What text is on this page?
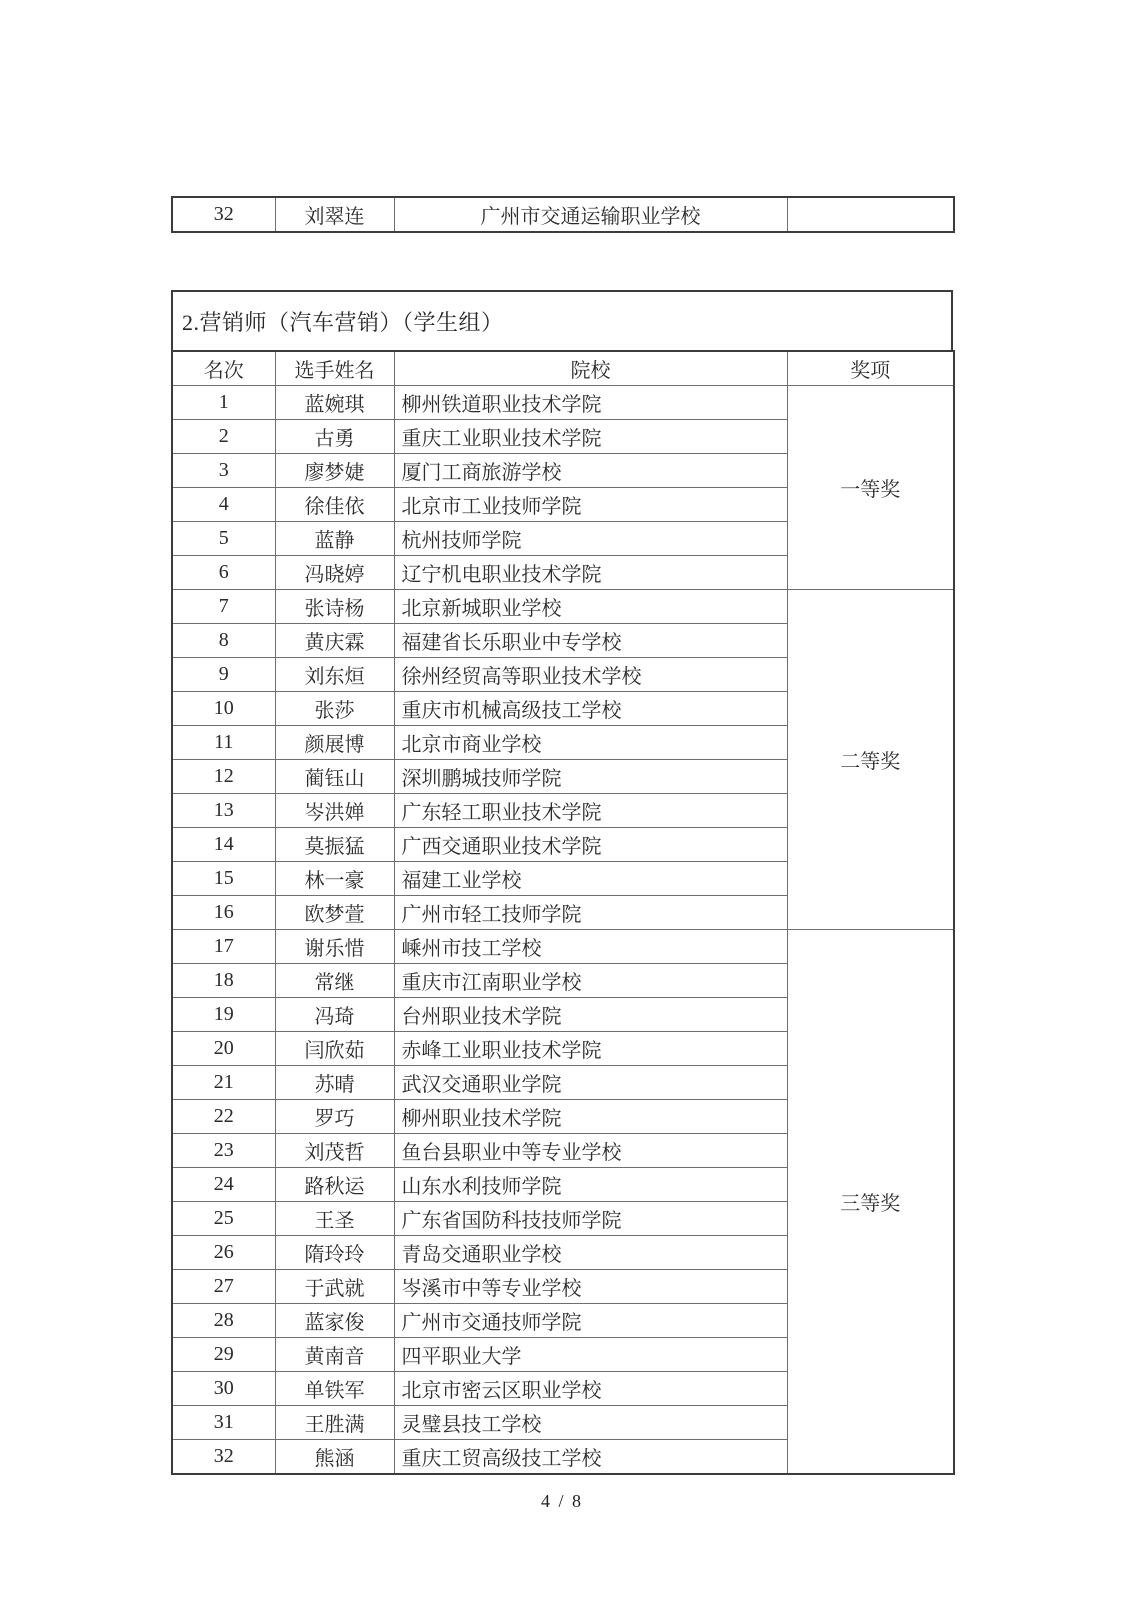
32	刘翠连	广州市交通运输职业学校	
2.营销师（汽车营销）（学生组）
名次	选手姓名	院校	奖项
1	蓝婉琪	柳州铁道职业技术学院	一等奖
2	古勇	重庆工业职业技术学院	
3	廖梦婕	厦门工商旅游学校	
4	徐佳依	北京市工业技师学院	
5	蓝静	杭州技师学院	
6	冯晓婷	辽宁机电职业技术学院	
7	张诗杨	北京新城职业学校	二等奖
8	黄庆霖	福建省长乐职业中专学校	
9	刘东烜	徐州经贸高等职业技术学校	
10	张莎	重庆市机械高级技工学校	
11	颜展博	北京市商业学校	
12	蔺钰山	深圳鹏城技师学院	
13	岑洪婵	广东轻工职业技术学院	
14	莫振猛	广西交通职业技术学院	
15	林一豪	福建工业学校	
16	欧梦萱	广州市轻工技师学院	
17	谢乐惜	嵊州市技工学校	三等奖
18	常继	重庆市江南职业学校	
19	冯琦	台州职业技术学院	
20	闫欣茹	赤峰工业职业技术学院	
21	苏晴	武汉交通职业学院	
22	罗巧	柳州职业技术学院	
23	刘茂哲	鱼台县职业中等专业学校	
24	路秋运	山东水利技师学院	
25	王圣	广东省国防科技技师学院	
26	隋玲玲	青岛交通职业学校	
27	于武就	岑溪市中等专业学校	
28	蓝家俊	广州市交通技师学院	
29	黄南音	四平职业大学	
30	单铁军	北京市密云区职业学校	
31	王胜满	灵璧县技工学校	
32	熊涵	重庆工贸高级技工学校	
4 / 8
